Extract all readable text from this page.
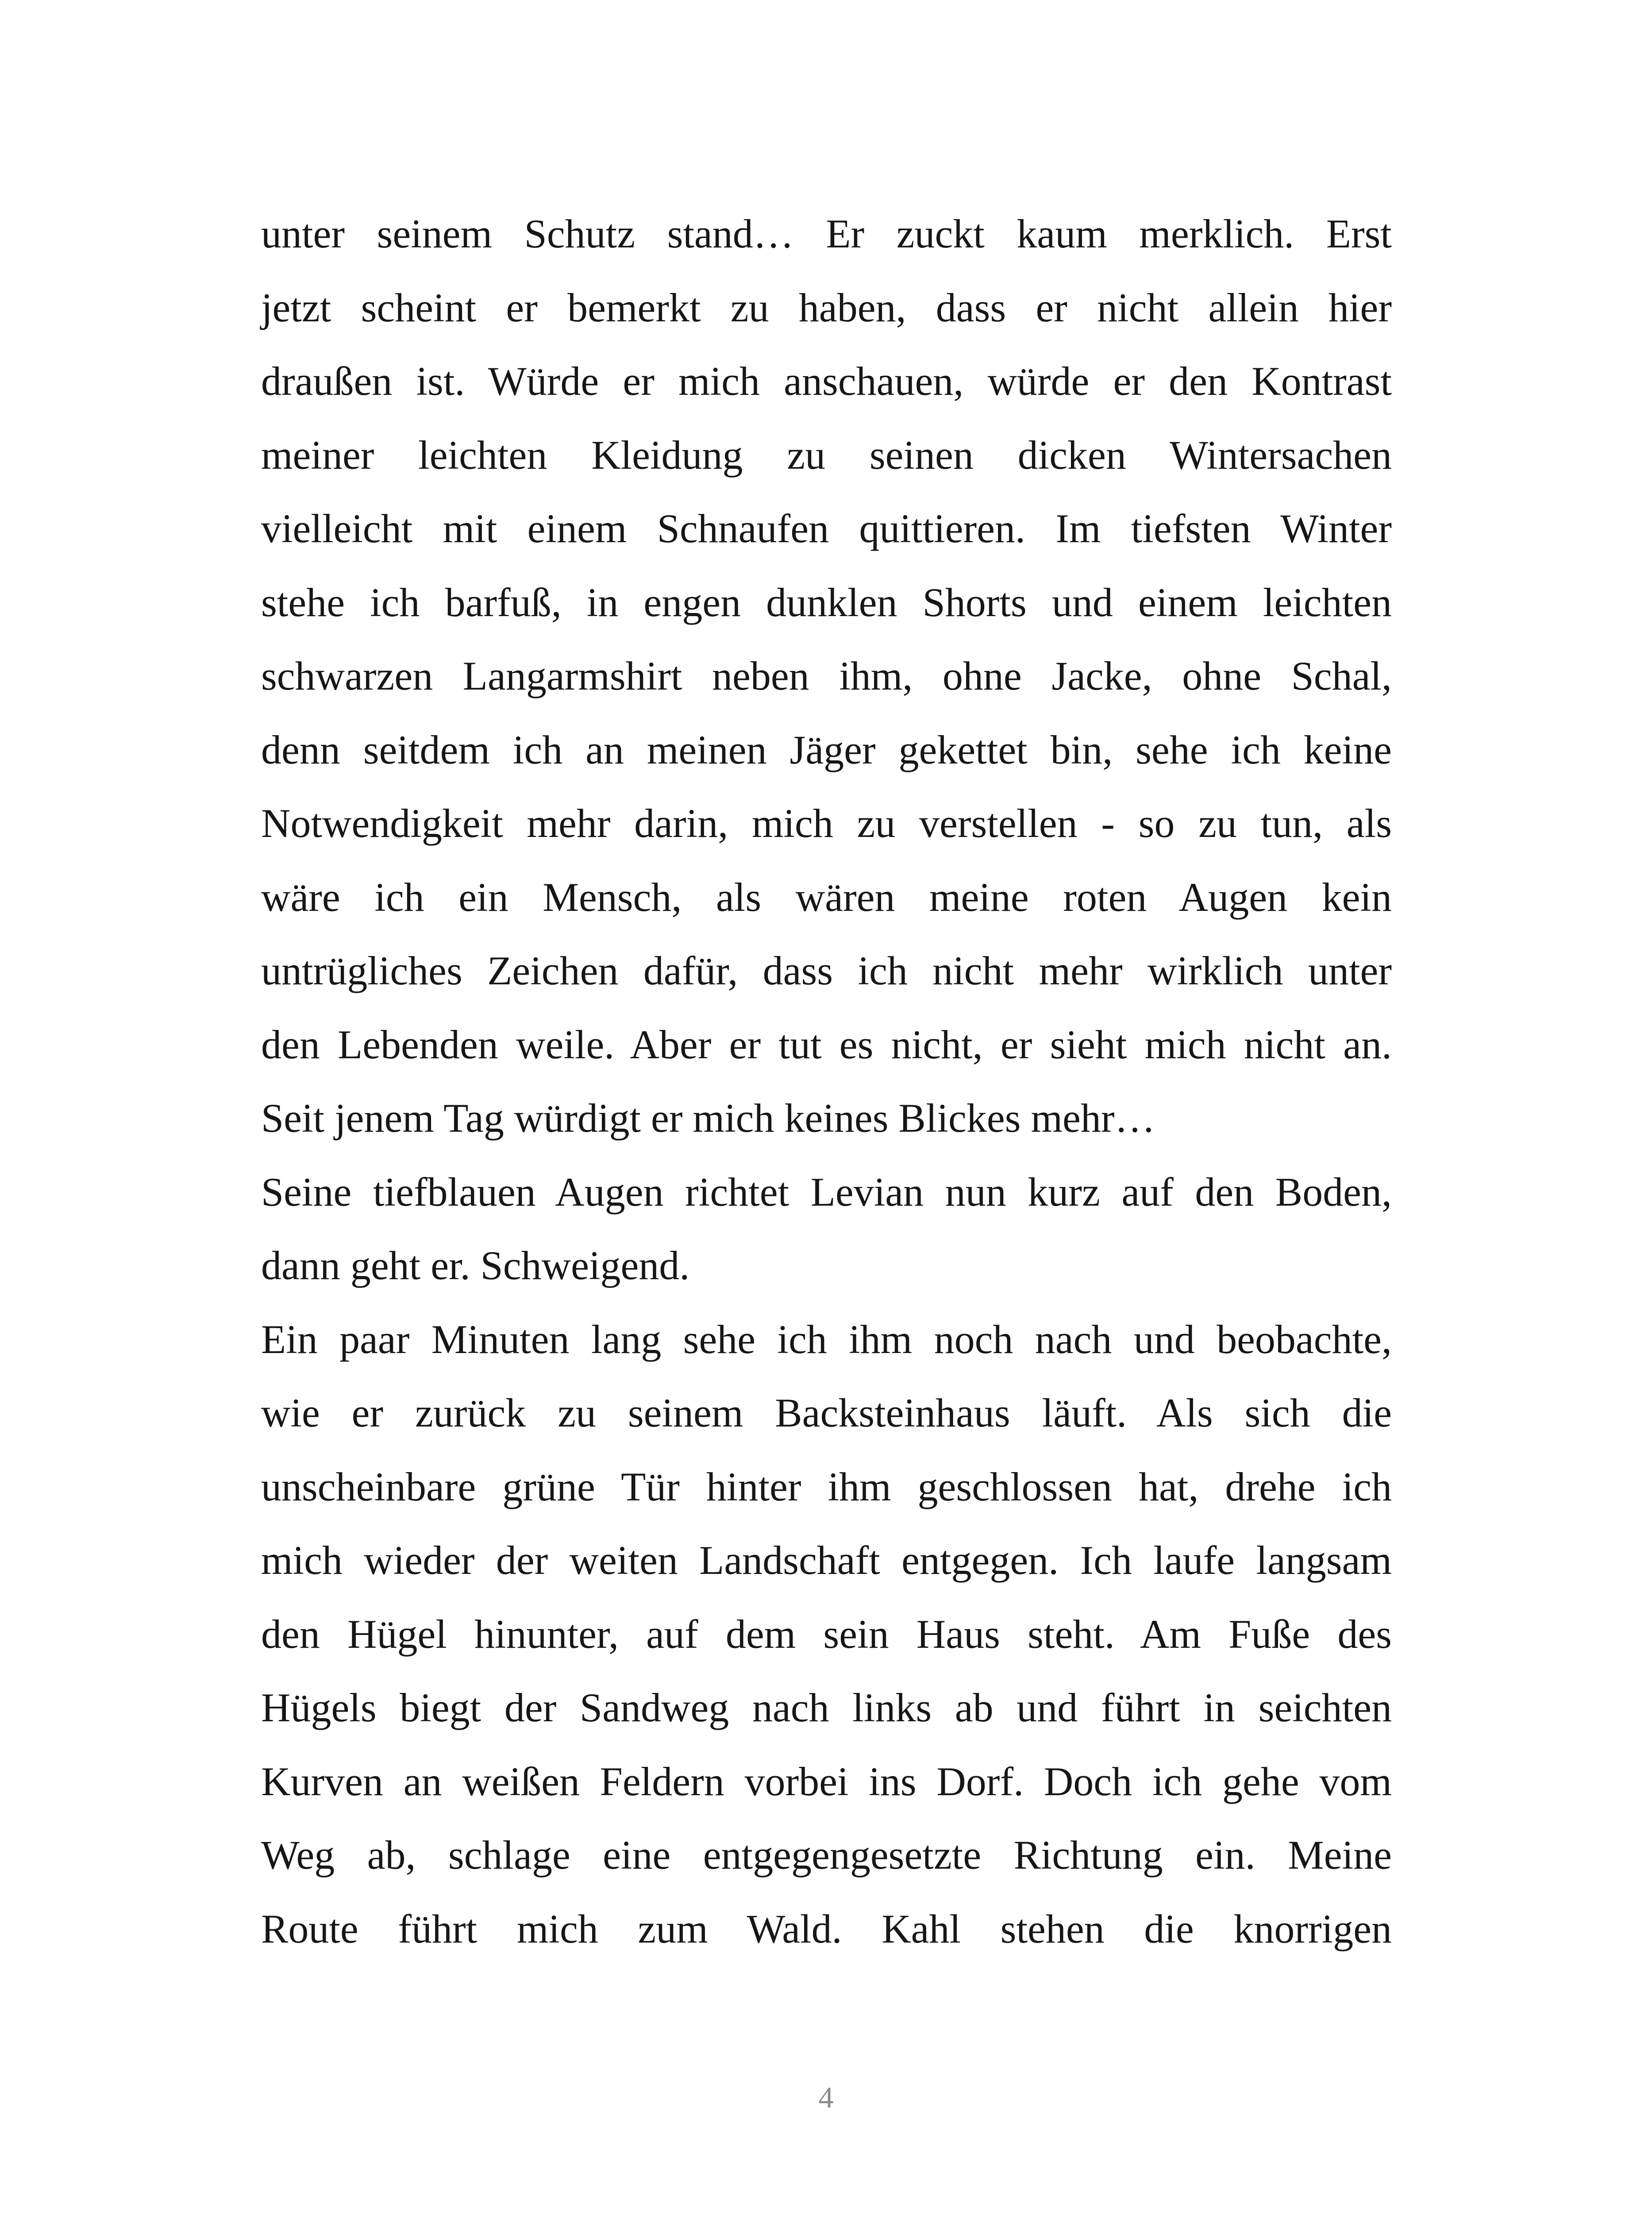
unter seinem Schutz stand… Er zuckt kaum merklich. Erst
jetzt scheint er bemerkt zu haben, dass er nicht allein hier
draußen ist. Würde er mich anschauen, würde er den Kontrast
meiner leichten Kleidung zu seinen dicken Wintersachen
vielleicht mit einem Schnaufen quittieren. Im tiefsten Winter
stehe ich barfuß, in engen dunklen Shorts und einem leichten
schwarzen Langarmshirt neben ihm, ohne Jacke, ohne Schal,
denn seitdem ich an meinen Jäger gekettet bin, sehe ich keine
Notwendigkeit mehr darin, mich zu verstellen - so zu tun, als
wäre ich ein Mensch, als wären meine roten Augen kein
untrügliches Zeichen dafür, dass ich nicht mehr wirklich unter
den Lebenden weile. Aber er tut es nicht, er sieht mich nicht an.
Seit jenem Tag würdigt er mich keines Blickes mehr…
Seine tiefblauen Augen richtet Levian nun kurz auf den Boden,
dann geht er. Schweigend.
Ein paar Minuten lang sehe ich ihm noch nach und beobachte,
wie er zurück zu seinem Backsteinhaus läuft. Als sich die
unscheinbare grüne Tür hinter ihm geschlossen hat, drehe ich
mich wieder der weiten Landschaft entgegen. Ich laufe langsam
den Hügel hinunter, auf dem sein Haus steht. Am Fuße des
Hügels biegt der Sandweg nach links ab und führt in seichten
Kurven an weißen Feldern vorbei ins Dorf. Doch ich gehe vom
Weg ab, schlage eine entgegengesetzte Richtung ein. Meine
Route führt mich zum Wald. Kahl stehen die knorrigen
4
